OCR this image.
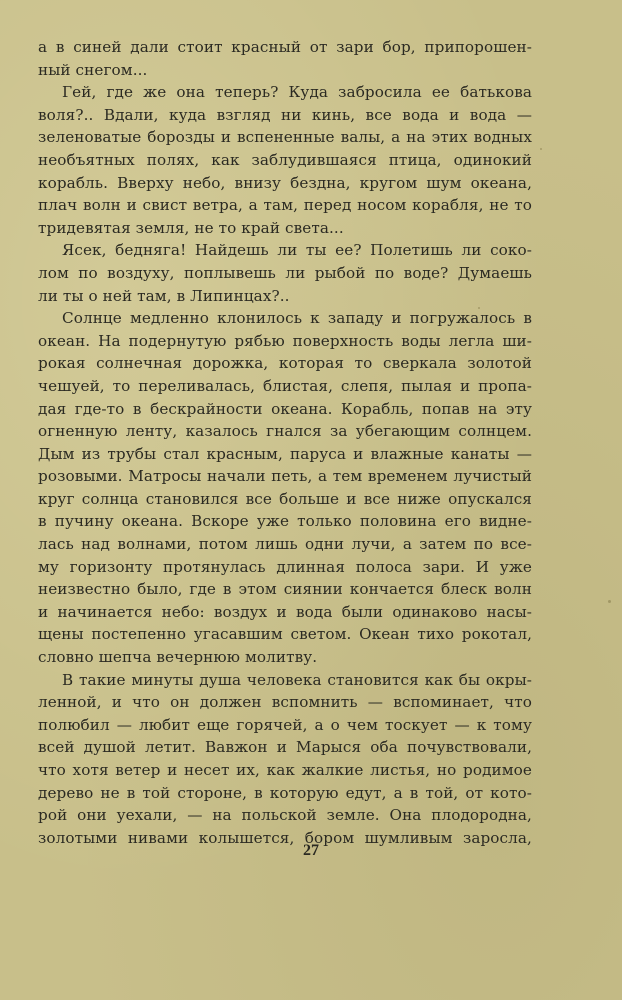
а в синей дали стоит красный от зари бор, припорошен-
ный снегом...
Гей, где же она теперь? Куда забросила ее батькова
воля?.. Вдали, куда взгляд ни кинь, все вода и вода —
зеленоватые борозды и вспененные валы, а на этих водных
необъятных полях, как заблудившаяся птица, одинокий
корабль. Вверху небо, внизу бездна, кругом шум океана,
плач волн и свист ветра, а там, перед носом корабля, не то
тридевятая земля, не то край света...
Ясек, бедняга! Найдешь ли ты ее? Полетишь ли соко-
лом по воздуху, поплывешь ли рыбой по воде? Думаешь
ли ты о ней там, в Липинцах?..
Солнце медленно клонилось к западу и погружалось в
океан. На подернутую рябью поверхность воды легла ши-
рокая солнечная дорожка, которая то сверкала золотой
чешуей, то переливалась, блистая, слепя, пылая и пропа-
дая где-то в бескрайности океана. Корабль, попав на эту
огненную ленту, казалось гнался за убегающим солнцем.
Дым из трубы стал красным, паруса и влажные канаты —
розовыми. Матросы начали петь, а тем временем лучистый
круг солнца становился все больше и все ниже опускался
в пучину океана. Вскоре уже только половина его видне-
лась над волнами, потом лишь одни лучи, а затем по все-
му горизонту протянулась длинная полоса зари. И уже
неизвестно было, где в этом сиянии кончается блеск волн
и начинается небо: воздух и вода были одинаково насы-
щены постепенно угасавшим светом. Океан тихо рокотал,
словно шепча вечернюю молитву.
В такие минуты душа человека становится как бы окры-
ленной, и что он должен вспомнить — вспоминает, что
полюбил — любит еще горячей, а о чем тоскует — к тому
всей душой летит. Вавжон и Марыся оба почувствовали,
что хотя ветер и несет их, как жалкие листья, но родимое
дерево не в той стороне, в которую едут, а в той, от кото-
рой они уехали, — на польской земле. Она плодородна,
золотыми нивами колышется, бором шумливым заросла,
27
